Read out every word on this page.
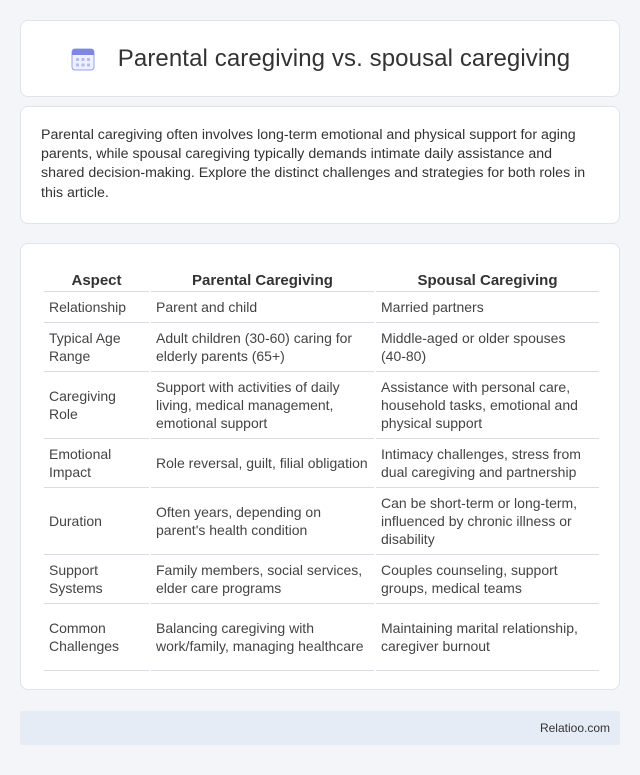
Parental caregiving vs. spousal caregiving

Parental caregiving often involves long-term emotional and physical support for aging parents, while spousal caregiving typically demands intimate daily assistance and shared decision-making. Explore the distinct challenges and strategies for both roles in this article.

Aspect	Parental Caregiving	Spousal Caregiving
Relationship	Parent and child	Married partners
Typical Age Range	Adult children (30-60) caring for elderly parents (65+)	Middle-aged or older spouses (40-80)
Caregiving Role	Support with activities of daily living, medical management, emotional support	Assistance with personal care, household tasks, emotional and physical support
Emotional Impact	Role reversal, guilt, filial obligation	Intimacy challenges, stress from dual caregiving and partnership
Duration	Often years, depending on parent's health condition	Can be short-term or long-term, influenced by chronic illness or disability
Support Systems	Family members, social services, elder care programs	Couples counseling, support groups, medical teams
Common Challenges	Balancing caregiving with work/family, managing healthcare	Maintaining marital relationship, caregiver burnout
Relatioo.com
